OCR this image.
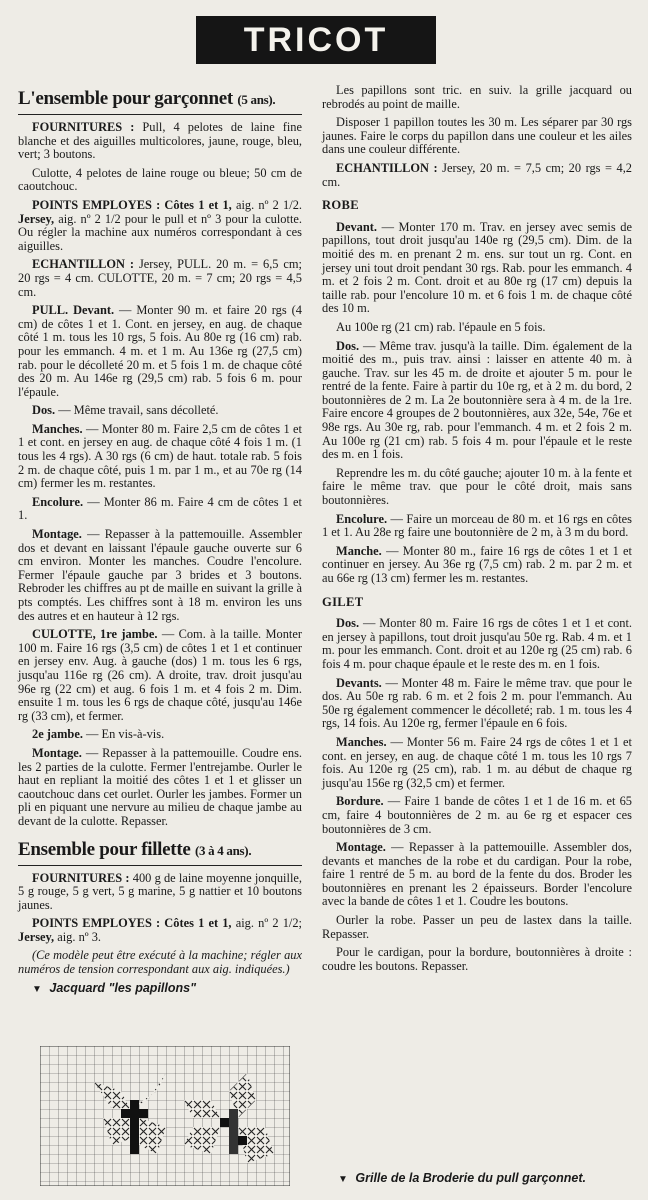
TRICOT
L'ensemble pour garçonnet (5 ans).

FOURNITURES : Pull, 4 pelotes de laine fine blanche et des aiguilles multicolores, jaune, rouge, bleu, vert; 3 boutons.

Culotte, 4 pelotes de laine rouge ou bleue; 50 cm de caoutchouc.

POINTS EMPLOYES : Côtes 1 et 1, aig. nº 2 1/2. Jersey, aig. nº 2 1/2 pour le pull et nº 3 pour la culotte. Ou régler la machine aux numéros correspondant à ces aiguilles.

ECHANTILLON : Jersey, PULL. 20 m. = 6,5 cm; 20 rgs = 4 cm. CULOTTE, 20 m. = 7 cm; 20 rgs = 4,5 cm.

PULL. Devant. — Monter 90 m. et faire 20 rgs (4 cm) de côtes 1 et 1. Cont. en jersey, en aug. de chaque côté 1 m. tous les 10 rgs, 5 fois. Au 80e rg (16 cm) rab. pour les emmanch. 4 m. et 1 m. Au 136e rg (27,5 cm) rab. pour le décolleté 20 m. et 5 fois 1 m. de chaque côté des 20 m. Au 146e rg (29,5 cm) rab. 5 fois 6 m. pour l'épaule.

Dos. — Même travail, sans décolleté.

Manches. — Monter 80 m. Faire 2,5 cm de côtes 1 et 1 et cont. en jersey en aug. de chaque côté 4 fois 1 m. (1 tous les 4 rgs). A 30 rgs (6 cm) de haut. totale rab. 5 fois 2 m. de chaque côté, puis 1 m. par 1 m., et au 70e rg (14 cm) fermer les m. restantes.

Encolure. — Monter 86 m. Faire 4 cm de côtes 1 et 1.

Montage. — Repasser à la pattemouille. Assembler dos et devant en laissant l'épaule gauche ouverte sur 6 cm environ. Monter les manches. Coudre l'encolure. Fermer l'épaule gauche par 3 brides et 3 boutons. Rebroder les chiffres au pt de maille en suivant la grille à pts comptés. Les chiffres sont à 18 m. environ les uns des autres et en hauteur à 12 rgs.

CULOTTE, 1re jambe. — Com. à la taille. Monter 100 m. Faire 16 rgs (3,5 cm) de côtes 1 et 1 et continuer en jersey env. Aug. à gauche (dos) 1 m. tous les 6 rgs, jusqu'au 116e rg (26 cm). A droite, trav. droit jusqu'au 96e rg (22 cm) et aug. 6 fois 1 m. et 4 fois 2 m. Dim. ensuite 1 m. tous les 6 rgs de chaque côté, jusqu'au 146e rg (33 cm), et fermer.

2e jambe. — En vis-à-vis.

Montage. — Repasser à la pattemouille. Coudre ens. les 2 parties de la culotte. Fermer l'entrejambe. Ourler le haut en repliant la moitié des côtes 1 et 1 et glisser un caoutchouc dans cet ourlet. Ourler les jambes. Former un pli en piquant une nervure au milieu de chaque jambe au devant de la culotte. Repasser.

Ensemble pour fillette (3 à 4 ans).

FOURNITURES : 400 g de laine moyenne jonquille, 5 g rouge, 5 g vert, 5 g marine, 5 g nattier et 10 boutons jaunes.

POINTS EMPLOYES : Côtes 1 et 1, aig. nº 2 1/2; Jersey, aig. nº 3.

(Ce modèle peut être exécuté à la machine; régler aux numéros de tension correspondant aux aig. indiquées.)

▼ Jacquard "les papillons"

Les papillons sont tric. en suiv. la grille jacquard ou rebrodés au point de maille.

Disposer 1 papillon toutes les 30 m. Les séparer par 30 rgs jaunes. Faire le corps du papillon dans une couleur et les ailes dans une couleur différente.

ECHANTILLON : Jersey, 20 m. = 7,5 cm; 20 rgs = 4,2 cm.

ROBE

Devant. — Monter 170 m. Trav. en jersey avec semis de papillons, tout droit jusqu'au 140e rg (29,5 cm). Dim. de la moitié des m. en prenant 2 m. ens. sur tout un rg. Cont. en jersey uni tout droit pendant 30 rgs. Rab. pour les emmanch. 4 m. et 2 fois 2 m. Cont. droit et au 80e rg (17 cm) depuis la taille rab. pour l'encolure 10 m. et 6 fois 1 m. de chaque côté des 10 m.

Au 100e rg (21 cm) rab. l'épaule en 5 fois.

Dos. — Même trav. jusqu'à la taille. Dim. également de la moitié des m., puis trav. ainsi : laisser en attente 40 m. à gauche. Trav. sur les 45 m. de droite et ajouter 5 m. pour le rentré de la fente. Faire à partir du 10e rg, et à 2 m. du bord, 2 boutonnières de 2 m. La 2e boutonnière sera à 4 m. de la 1re. Faire encore 4 groupes de 2 boutonnières, aux 32e, 54e, 76e et 98e rgs. Au 30e rg, rab. pour l'emmanch. 4 m. et 2 fois 2 m. Au 100e rg (21 cm) rab. 5 fois 4 m. pour l'épaule et le reste des m. en 1 fois.

Reprendre les m. du côté gauche; ajouter 10 m. à la fente et faire le même trav. que pour le côté droit, mais sans boutonnières.

Encolure. — Faire un morceau de 80 m. et 16 rgs en côtes 1 et 1. Au 28e rg faire une boutonnière de 2 m, à 3 m du bord.

Manche. — Monter 80 m., faire 16 rgs de côtes 1 et 1 et continuer en jersey. Au 36e rg (7,5 cm) rab. 2 m. par 2 m. et au 66e rg (13 cm) fermer les m. restantes.

GILET

Dos. — Monter 80 m. Faire 16 rgs de côtes 1 et 1 et cont. en jersey à papillons, tout droit jusqu'au 50e rg. Rab. 4 m. et 1 m. pour les emmanch. Cont. droit et au 120e rg (25 cm) rab. 6 fois 4 m. pour chaque épaule et le reste des m. en 1 fois.

Devants. — Monter 48 m. Faire le même trav. que pour le dos. Au 50e rg rab. 6 m. et 2 fois 2 m. pour l'emmanch. Au 50e rg également commencer le décolleté; rab. 1 m. tous les 4 rgs, 14 fois. Au 120e rg, fermer l'épaule en 6 fois.

Manches. — Monter 56 m. Faire 24 rgs de côtes 1 et 1 et cont. en jersey, en aug. de chaque côté 1 m. tous les 10 rgs 7 fois. Au 120e rg (25 cm), rab. 1 m. au début de chaque rg jusqu'au 156e rg (32,5 cm) et fermer.

Bordure. — Faire 1 bande de côtes 1 et 1 de 16 m. et 65 cm, faire 4 boutonnières de 2 m. au 6e rg et espacer ces boutonnières de 3 cm.

Montage. — Repasser à la pattemouille. Assembler dos, devants et manches de la robe et du cardigan. Pour la robe, faire 1 rentré de 5 m. au bord de la fente du dos. Broder les boutonnières en prenant les 2 épaisseurs. Border l'encolure avec la bande de côtes 1 et 1. Coudre les boutons.

Ourler la robe. Passer un peu de lastex dans la taille. Repasser.

Pour le cardigan, pour la bordure, boutonnières à droite : coudre les boutons. Repasser.

▼ Grille de la Broderie du pull garçonnet.
